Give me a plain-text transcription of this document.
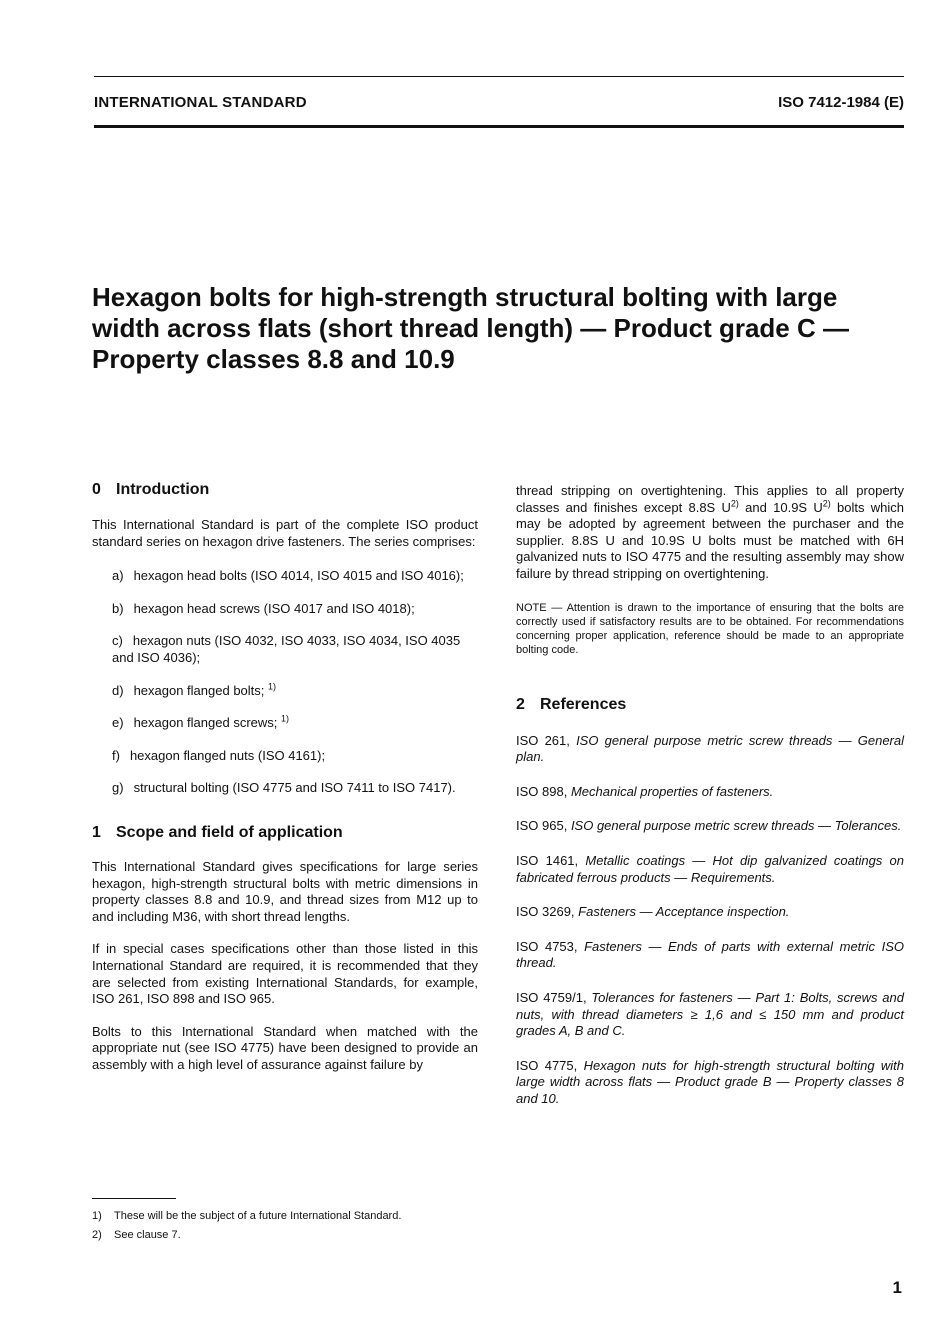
INTERNATIONAL STANDARD	ISO 7412-1984 (E)
Hexagon bolts for high-strength structural bolting with large width across flats (short thread length) — Product grade C — Property classes 8.8 and 10.9
0 Introduction

This International Standard is part of the complete ISO product standard series on hexagon drive fasteners. The series comprises:

a) hexagon head bolts (ISO 4014, ISO 4015 and ISO 4016);
b) hexagon head screws (ISO 4017 and ISO 4018);
c) hexagon nuts (ISO 4032, ISO 4033, ISO 4034, ISO 4035 and ISO 4036);
d) hexagon flanged bolts; $^{1)}$
e) hexagon flanged screws; $^{1)}$
f) hexagon flanged nuts (ISO 4161);
g) structural bolting (ISO 4775 and ISO 7411 to ISO 7417).
1 Scope and field of application

This International Standard gives specifications for large series hexagon, high-strength structural bolts with metric dimensions in property classes 8.8 and 10.9, and thread sizes from M12 up to and including M36, with short thread lengths.

If in special cases specifications other than those listed in this International Standard are required, it is recommended that they are selected from existing International Standards, for example, ISO 261, ISO 898 and ISO 965.

Bolts to this International Standard when matched with the appropriate nut (see ISO 4775) have been designed to provide an assembly with a high level of assurance against failure by

thread stripping on overtightening. This applies to all property classes and finishes except 8.8S $U^{2)}$ and 10.9S $U^{2)}$ bolts which may be adopted by agreement between the purchaser and the supplier. 8.8S U and 10.9S U bolts must be matched with 6H galvanized nuts to ISO 4775 and the resulting assembly may show failure by thread stripping on overtightening.

NOTE — Attention is drawn to the importance of ensuring that the bolts are correctly used if satisfactory results are to be obtained. For recommendations concerning proper application, reference should be made to an appropriate bolting code.

2 References

ISO 261, ISO general purpose metric screw threads — General plan.

ISO 898, Mechanical properties of fasteners.

ISO 965, ISO general purpose metric screw threads — Tolerances.

ISO 1461, Metallic coatings — Hot dip galvanized coatings on fabricated ferrous products — Requirements.

ISO 3269, Fasteners — Acceptance inspection.

ISO 4753, Fasteners — Ends of parts with external metric ISO thread.

ISO 4759/1, Tolerances for fasteners — Part 1: Bolts, screws and nuts, with thread diameters ≥ 1,6 and ≤ 150 mm and product grades A, B and C.

ISO 4775, Hexagon nuts for high-strength structural bolting with large width across flats — Product grade B — Property classes 8 and 10.

1) These will be the subject of a future International Standard.
2) See clause 7.
1
